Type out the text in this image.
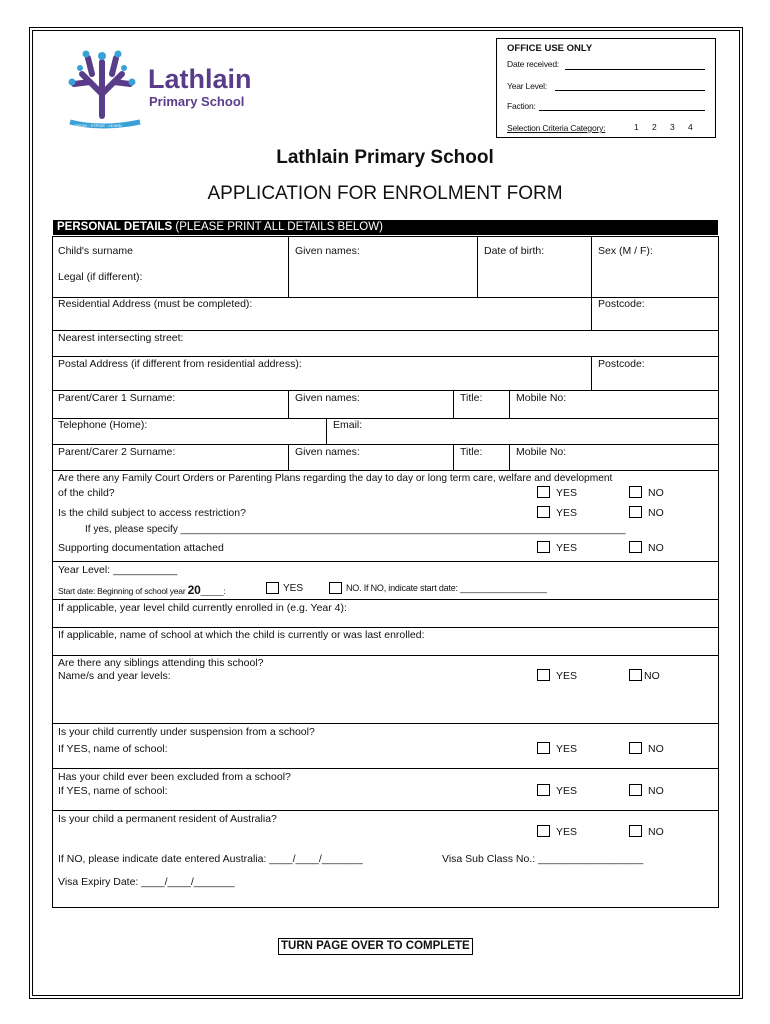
GROW · STRIVE · LEARN
Lathlain
Primary School
OFFICE USE ONLY
Date received:
Year Level:
Faction:
Selection Criteria Category:	1 2 3 4
Lathlain Primary School
APPLICATION FOR ENROLMENT FORM
PERSONAL DETAILS (PLEASE PRINT ALL DETAILS BELOW)
Child's surname	Given names:	Date of birth:	Sex (M / F):
Legal (if different):
Residential Address (must be completed):	Postcode:
Nearest intersecting street:
Postal Address (if different from residential address):	Postcode:
Parent/Carer 1 Surname:	Given names:	Title:	Mobile No:
Telephone (Home):	Email:
Parent/Carer 2 Surname:	Given names:	Title:	Mobile No:
Are there any Family Court Orders or Parenting Plans regarding the day to day or long term care, welfare and development
of the child?	YES	NO
Is the child subject to access restriction?	YES	NO
If yes, please specify ________________________________________________________________________________
Supporting documentation attached	YES	NO
Year Level: ___________
Start date: Beginning of school year 20_____:	YES	NO. If NO, indicate start date: __________________
If applicable, year level child currently enrolled in (e.g. Year 4):
If applicable, name of school at which the child is currently or was last enrolled:
Are there any siblings attending this school?
Name/s and year levels:	YES	NO
Is your child currently under suspension from a school?
If YES, name of school:	YES	NO
Has your child ever been excluded from a school?
If YES, name of school:	YES	NO
Is your child a permanent resident of Australia?
YES	NO
If NO, please indicate date entered Australia: ____/____/_______	Visa Sub Class No.: __________________
Visa Expiry Date: ____/____/_______
TURN PAGE OVER TO COMPLETE
